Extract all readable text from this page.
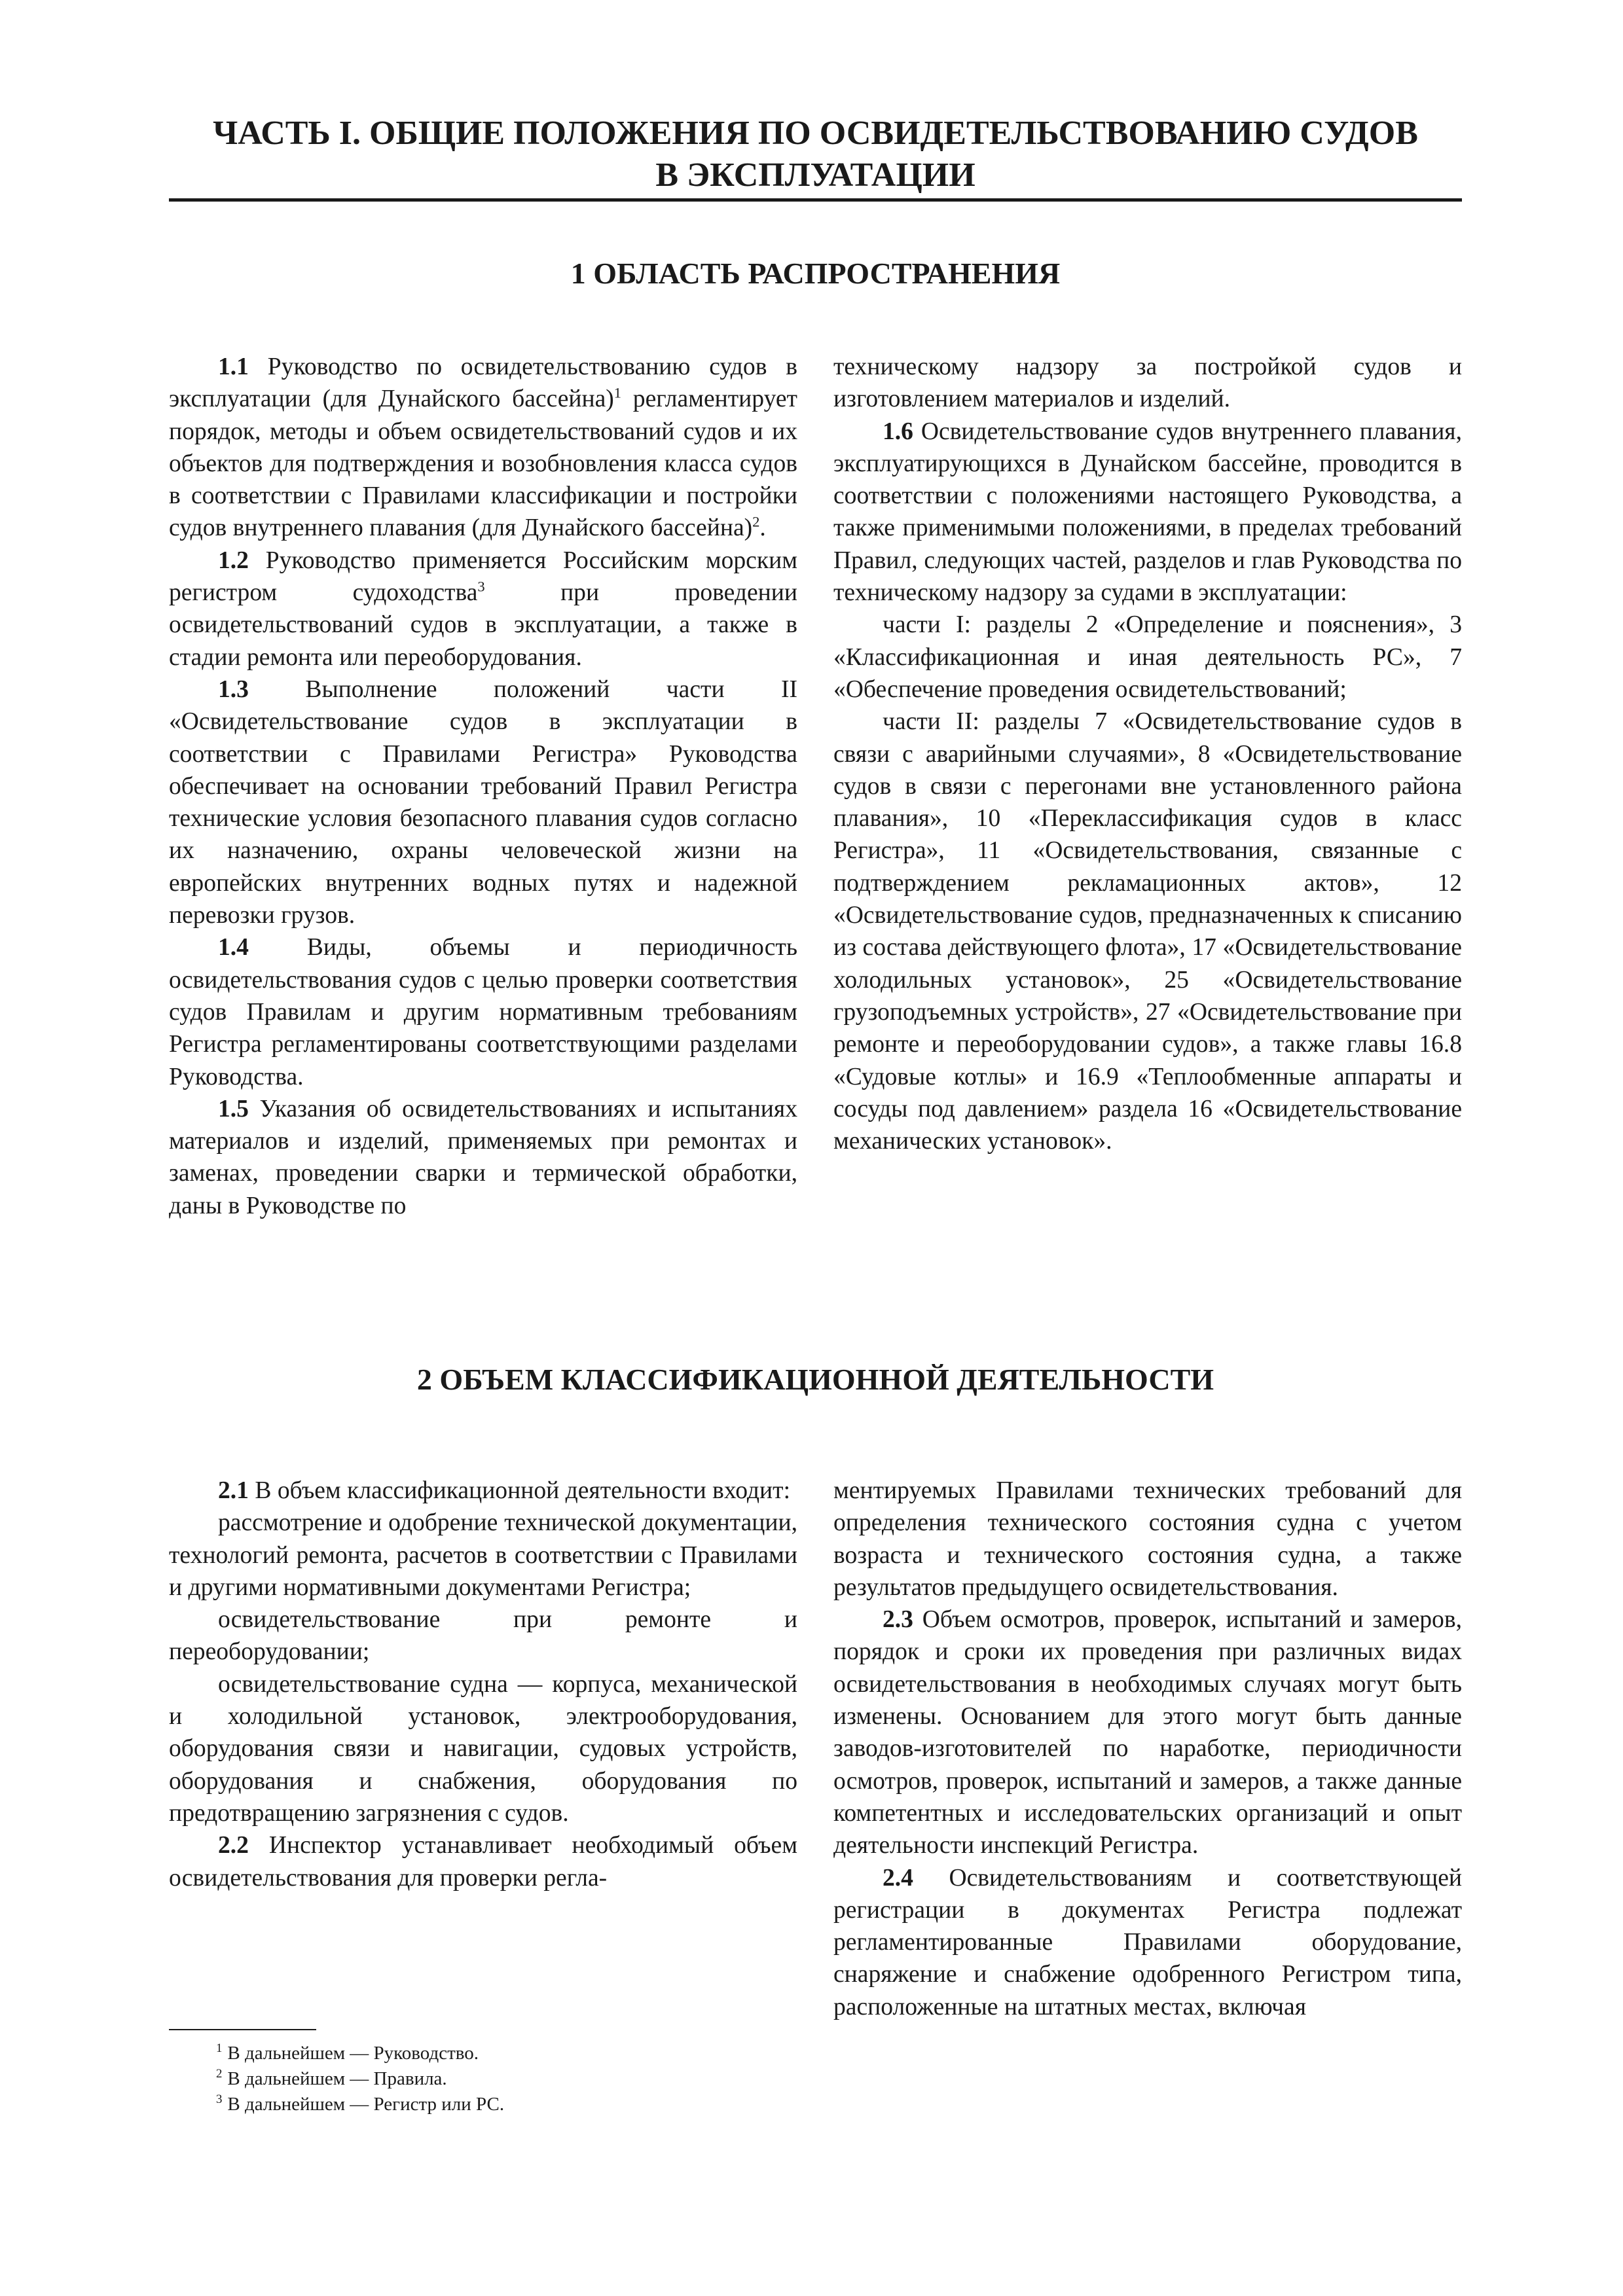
ЧАСТЬ I. ОБЩИЕ ПОЛОЖЕНИЯ ПО ОСВИДЕТЕЛЬСТВОВАНИЮ СУДОВ
В ЭКСПЛУАТАЦИИ
1 ОБЛАСТЬ РАСПРОСТРАНЕНИЯ

1.1 Руководство по освидетельствованию судов в эксплуатации (для Дунайского бассейна)$^1$ регламентирует порядок, методы и объем освидетельствований судов и их объектов для подтверждения и возобновления класса судов в соответствии с Правилами классификации и постройки судов внутреннего плавания (для Дунайского бассейна)$^2$.

1.2 Руководство применяется Российским морским регистром судоходства$^3$ при проведении освидетельствований судов в эксплуатации, а также в стадии ремонта или переоборудования.

1.3 Выполнение положений части II «Освидетельствование судов в эксплуатации в соответствии с Правилами Регистра» Руководства обеспечивает на основании требований Правил Регистра технические условия безопасного плавания судов согласно их назначению, охраны человеческой жизни на европейских внутренних водных путях и надежной перевозки грузов.

1.4 Виды, объемы и периодичность освидетельствования судов с целью проверки соответствия судов Правилам и другим нормативным требованиям Регистра регламентированы соответствующими разделами Руководства.

1.5 Указания об освидетельствованиях и испытаниях материалов и изделий, применяемых при ремонтах и заменах, проведении сварки и термической обработки, даны в Руководстве по

техническому надзору за постройкой судов и изготовлением материалов и изделий.

1.6 Освидетельствование судов внутреннего плавания, эксплуатирующихся в Дунайском бассейне, проводится в соответствии с положениями настоящего Руководства, а также применимыми положениями, в пределах требований Правил, следующих частей, разделов и глав Руководства по техническому надзору за судами в эксплуатации:

части I: разделы 2 «Определение и пояснения», 3 «Классификационная и иная деятельность РС», 7 «Обеспечение проведения освидетельствований;

части II: разделы 7 «Освидетельствование судов в связи с аварийными случаями», 8 «Освидетельствование судов в связи с перегонами вне установленного района плавания», 10 «Переклассификация судов в класс Регистра», 11 «Освидетельствования, связанные с подтверждением рекламационных актов», 12 «Освидетельствование судов, предназначенных к списанию из состава действующего флота», 17 «Освидетельствование холодильных установок», 25 «Освидетельствование грузоподъемных устройств», 27 «Освидетельствование при ремонте и переоборудовании судов», а также главы 16.8 «Судовые котлы» и 16.9 «Теплообменные аппараты и сосуды под давлением» раздела 16 «Освидетельствование механических установок».

2 ОБЪЕМ КЛАССИФИКАЦИОННОЙ ДЕЯТЕЛЬНОСТИ

2.1 В объем классификационной деятельности входит:

рассмотрение и одобрение технической документации, технологий ремонта, расчетов в соответствии с Правилами и другими нормативными документами Регистра;

освидетельствование при ремонте и переоборудовании;

освидетельствование судна — корпуса, механической и холодильной установок, электрооборудования, оборудования связи и навигации, судовых устройств, оборудования и снабжения, оборудования по предотвращению загрязнения с судов.

2.2 Инспектор устанавливает необходимый объем освидетельствования для проверки регла-

ментируемых Правилами технических требований для определения технического состояния судна с учетом возраста и технического состояния судна, а также результатов предыдущего освидетельствования.

2.3 Объем осмотров, проверок, испытаний и замеров, порядок и сроки их проведения при различных видах освидетельствования в необходимых случаях могут быть изменены. Основанием для этого могут быть данные заводов-изготовителей по наработке, периодичности осмотров, проверок, испытаний и замеров, а также данные компетентных и исследовательских организаций и опыт деятельности инспекций Регистра.

2.4 Освидетельствованиям и соответствующей регистрации в документах Регистра подлежат регламентированные Правилами оборудование, снаряжение и снабжение одобренного Регистром типа, расположенные на штатных местах, включая

$^1$ В дальнейшем — Руководство.
$^2$ В дальнейшем — Правила.
$^3$ В дальнейшем — Регистр или РС.
